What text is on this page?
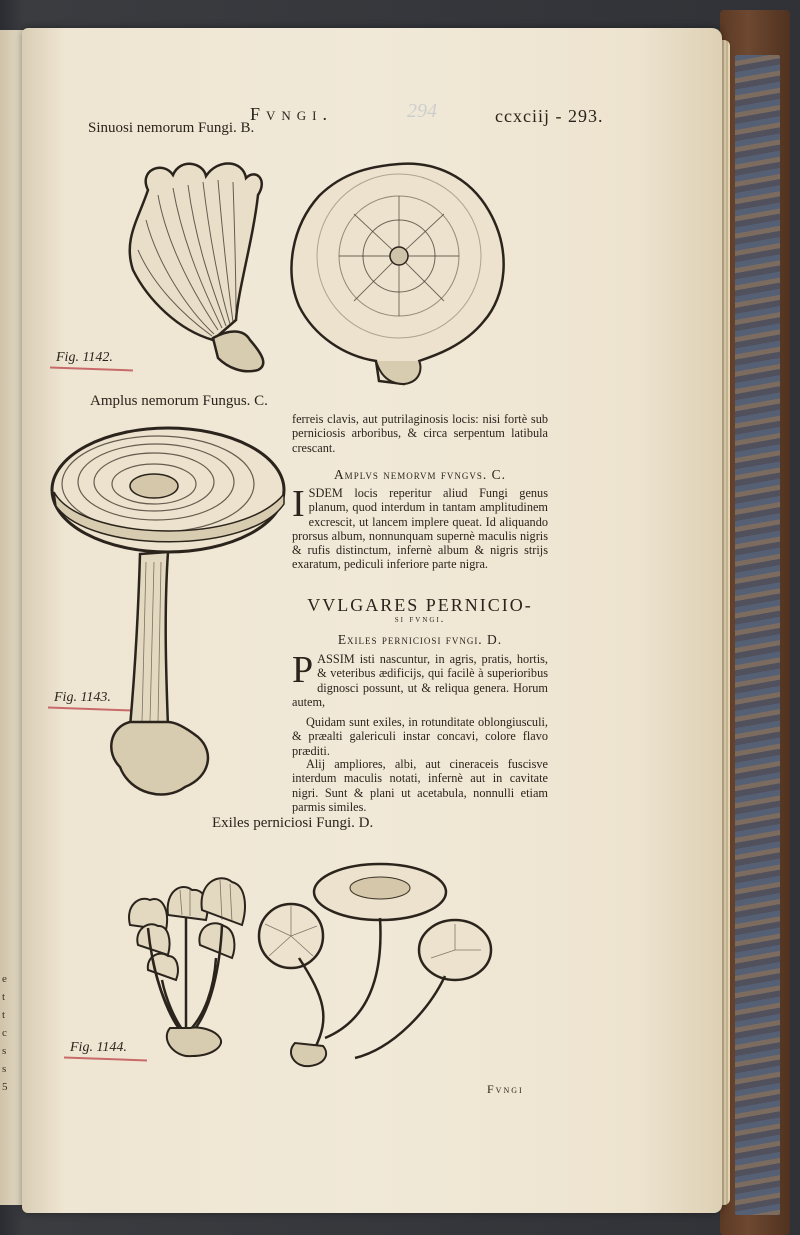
e
t
t
c
s
s
5
294
Fvngi.	ccxciij - 293.
Sinuosi nemorum Fungi. B.
Amplus nemorum Fungus. C.
Exiles perniciosi Fungi. D.
Fig. 1142.
Fig. 1143.
Fig. 1144.
ferreis clavis, aut putrilaginosis locis: nisi fortè sub perniciosis arboribus, & circa serpentum latibula crescant.
Amplvs nemorvm fvngvs. C.
ISDEM locis reperitur aliud Fungi genus planum, quod interdum in tantam amplitudinem excrescit, ut lancem implere queat. Id aliquando prorsus album, nonnunquam supernè maculis nigris & rufis distinctum, infernè album & nigris strijs exaratum, pediculi inferiore parte nigra.
VVLGARES PERNICIO-
si fvngi.
Exiles perniciosi fvngi. D.
PASSIM isti nascuntur, in agris, pratis, hortis, & veteribus ædificijs, qui facilè à superioribus dignosci possunt, ut & reliqua genera. Horum autem,
Quidam sunt exiles, in rotunditate oblongiusculi, & præalti galericuli instar concavi, colore flavo præditi.
Alij ampliores, albi, aut cineraceis fuscisve interdum maculis notati, infernè aut in cavitate nigri. Sunt & plani ut acetabula, nonnulli etiam parmis similes.
Fvngi
